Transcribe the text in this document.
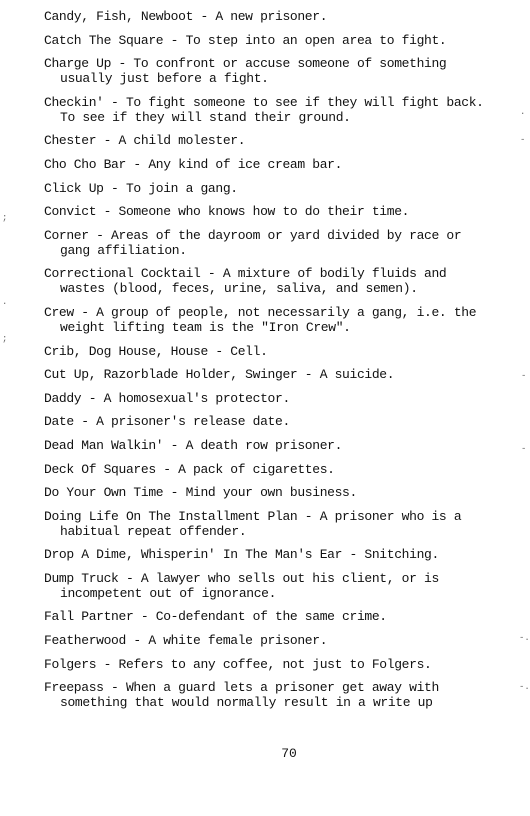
Candy, Fish, Newboot - A new prisoner.
Catch The Square - To step into an open area to fight.
Charge Up - To confront or accuse someone of something usually just before a fight.
Checkin' - To fight someone to see if they will fight back. To see if they will stand their ground.
Chester - A child molester.
Cho Cho Bar - Any kind of ice cream bar.
Click Up - To join a gang.
Convict - Someone who knows how to do their time.
Corner - Areas of the dayroom or yard divided by race or gang affiliation.
Correctional Cocktail - A mixture of bodily fluids and wastes (blood, feces, urine, saliva, and semen).
Crew - A group of people, not necessarily a gang, i.e. the weight lifting team is the "Iron Crew".
Crib, Dog House, House - Cell.
Cut Up, Razorblade Holder, Swinger - A suicide.
Daddy - A homosexual's protector.
Date - A prisoner's release date.
Dead Man Walkin' - A death row prisoner.
Deck Of Squares - A pack of cigarettes.
Do Your Own Time - Mind your own business.
Doing Life On The Installment Plan - A prisoner who is a habitual repeat offender.
Drop A Dime, Whisperin' In The Man's Ear - Snitching.
Dump Truck - A lawyer who sells out his client, or is incompetent out of ignorance.
Fall Partner - Co-defendant of the same crime.
Featherwood - A white female prisoner.
Folgers - Refers to any coffee, not just to Folgers.
Freepass - When a guard lets a prisoner get away with something that would normally result in a write up
70
·
-
;
·
;
-
-
-.
-.
